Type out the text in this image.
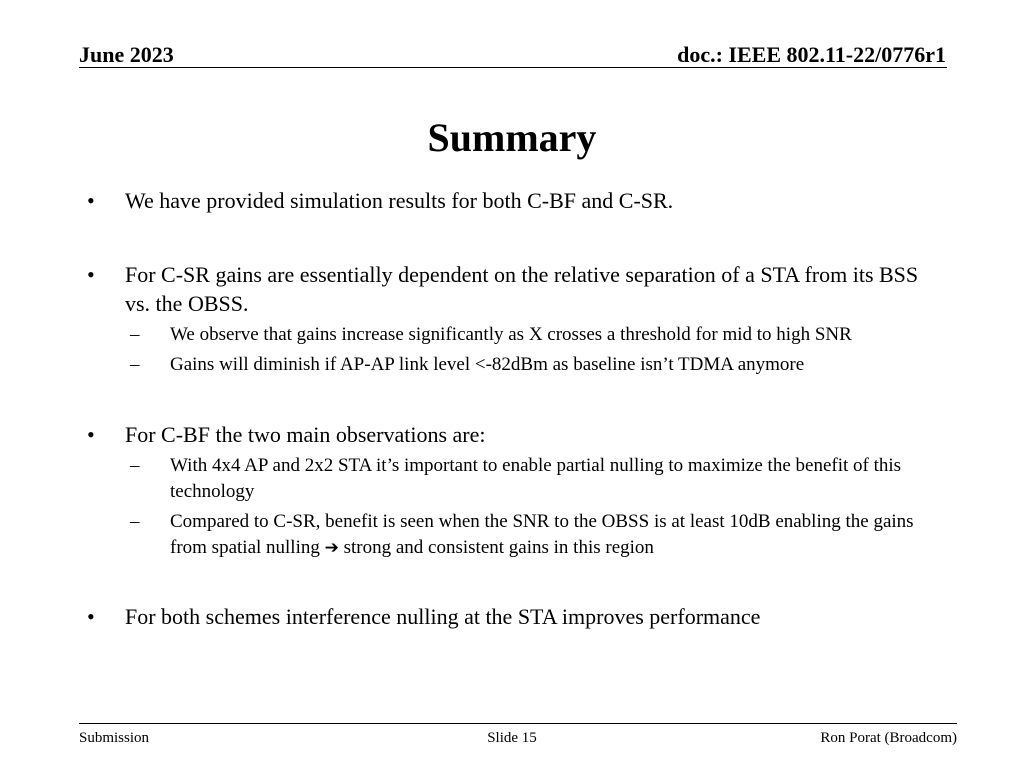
June 2023	doc.: IEEE 802.11-22/0776r1
Summary
•	We have provided simulation results for both C-BF and C-SR.
•	For C-SR gains are essentially dependent on the relative separation of a STA from its BSS vs. the OBSS.
–	We observe that gains increase significantly as X crosses a threshold for mid to high SNR
–	Gains will diminish if AP-AP link level <-82dBm as baseline isn’t TDMA anymore
•	For C-BF the two main observations are:
–	With 4x4 AP and 2x2 STA it’s important to enable partial nulling to maximize the benefit of this technology
–	Compared to C-SR, benefit is seen when the SNR to the OBSS is at least 10dB enabling the gains from spatial nulling ➔ strong and consistent gains in this region
•	For both schemes interference nulling at the STA improves performance
Submission	Slide 15	Ron Porat (Broadcom)
